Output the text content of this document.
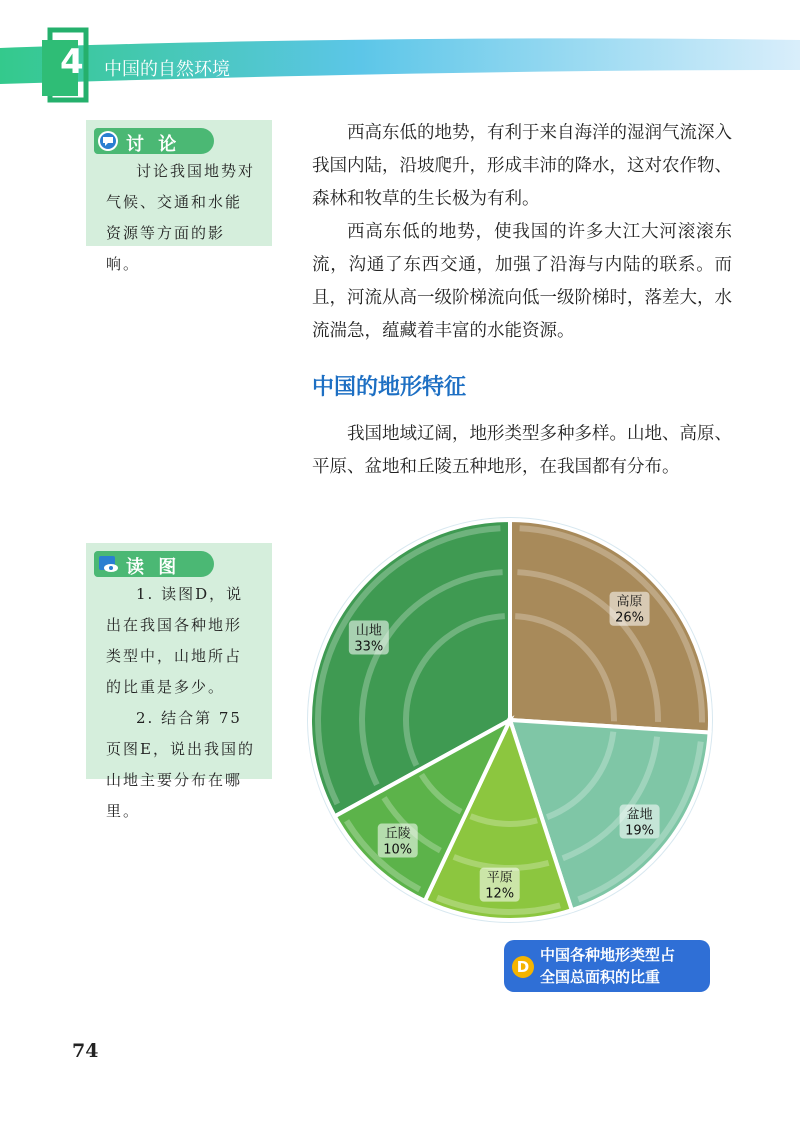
4 中国的自然环境
讨 论

讨论我国地势对气候、交通和水能资源等方面的影响。

西高东低的地势，有利于来自海洋的湿润气流深入我国内陆，沿坡爬升，形成丰沛的降水，这对农作物、森林和牧草的生长极为有利。

西高东低的地势，使我国的许多大江大河滚滚东流，沟通了东西交通，加强了沿海与内陆的联系。而且，河流从高一级阶梯流向低一级阶梯时，落差大，水流湍急，蕴藏着丰富的水能资源。

中国的地形特征

我国地域辽阔，地形类型多种多样。山地、高原、平原、盆地和丘陵五种地形，在我国都有分布。

读 图

1. 读图D，说出在我国各种地形类型中，山地所占的比重是多少。

2. 结合第 75 页图E，说出我国的山地主要分布在哪里。

山地
33%
高原
26%
盆地
19%
平原
12%
丘陵
10%
D
中国各种地形类型占
全国总面积的比重
74
